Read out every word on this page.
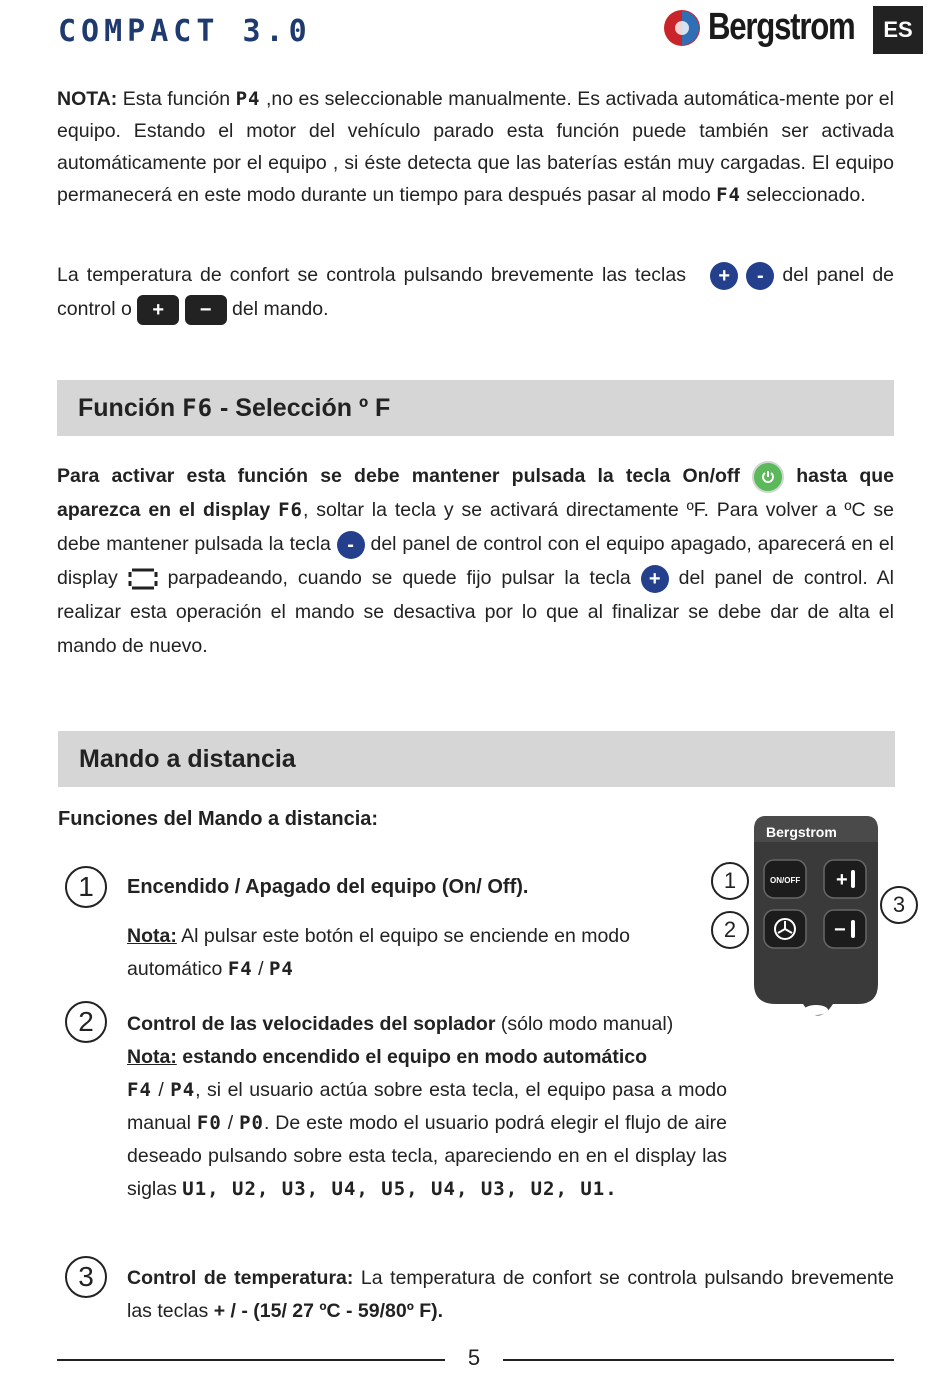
COMPACT 3.0	Bergstrom	ES
NOTA: Esta función P4 ,no es seleccionable manualmente. Es activada automática-mente por el equipo. Estando el motor del vehículo parado esta función puede también ser activada automáticamente por el equipo , si éste detecta que las baterías están muy cargadas. El equipo permanecerá en este modo durante un tiempo para después pasar al modo F4 seleccionado.
La temperatura de confort se controla pulsando brevemente las teclas  + - del panel de control o + − del mando.
Función F6 - Selección º F
Para activar esta función se debe mantener pulsada la tecla On/off
hasta que aparezca en el display F6, soltar la tecla y se activará directamente ºF. Para volver a ºC se debe mantener pulsada la tecla - del panel de control con el equipo apagado, aparecerá en el display  parpadeando, cuando se quede fijo pulsar la tecla + del panel de control. Al realizar esta operación el mando se desactiva por lo que al finalizar se debe dar de alta el mando de nuevo.
Mando a distancia
Funciones del Mando a distancia:
1	Encendido / Apagado del equipo (On/ Off).
Nota: Al pulsar este botón el equipo se enciende en modo automático F4 / P4
+
−
Bergstrom
ON/OFF
1
2
3
2	Control de las velocidades del soplador (sólo modo manual)
Nota: estando encendido el equipo en modo automático
F4 / P4, si el usuario actúa sobre esta tecla, el equipo pasa a modo manual F0 / P0. De este modo el usuario podrá elegir el flujo de aire deseado pulsando sobre esta tecla, apareciendo en en el display las siglas U1, U2, U3, U4, U5, U4, U3, U2, U1.
3	Control de temperatura: La temperatura de confort se controla pulsando brevemente las teclas + / - (15/ 27 ºC - 59/80º F).
5
